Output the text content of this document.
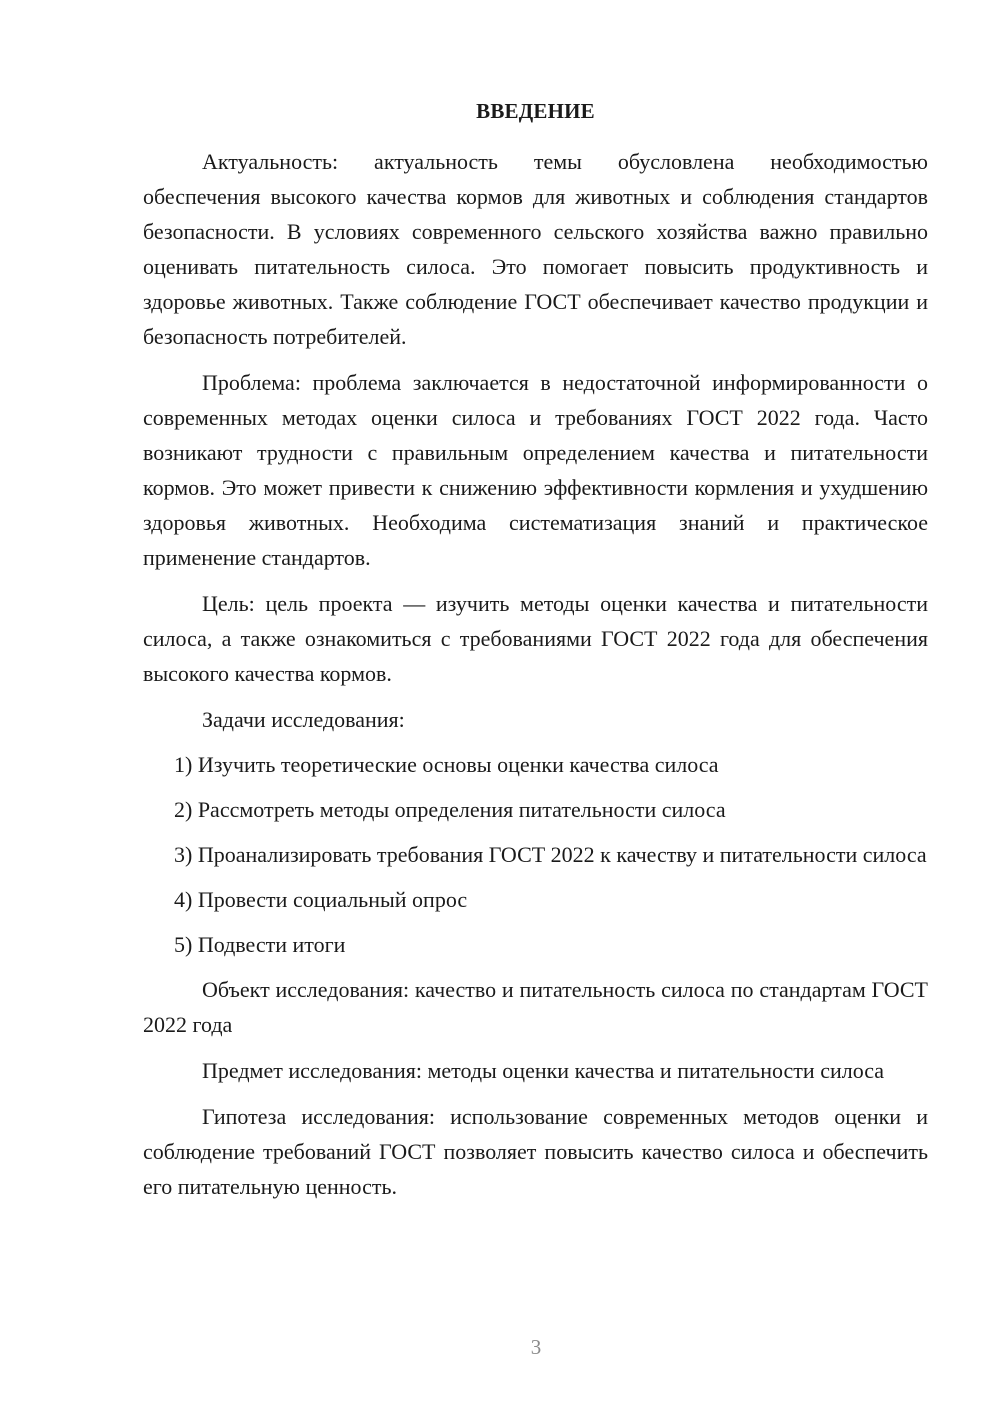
ВВЕДЕНИЕ

Актуальность: актуальность темы обусловлена необходимостью обеспечения высокого качества кормов для животных и соблюдения стандартов безопасности. В условиях современного сельского хозяйства важно правильно оценивать питательность силоса. Это помогает повысить продуктивность и здоровье животных. Также соблюдение ГОСТ обеспечивает качество продукции и безопасность потребителей.

Проблема: проблема заключается в недостаточной информированности о современных методах оценки силоса и требованиях ГОСТ 2022 года. Часто возникают трудности с правильным определением качества и питательности кормов. Это может привести к снижению эффективности кормления и ухудшению здоровья животных. Необходима систематизация знаний и практическое применение стандартов.

Цель: цель проекта — изучить методы оценки качества и питательности силоса, а также ознакомиться с требованиями ГОСТ 2022 года для обеспечения высокого качества кормов.

Задачи исследования:

1) Изучить теоретические основы оценки качества силоса

2) Рассмотреть методы определения питательности силоса

3) Проанализировать требования ГОСТ 2022 к качеству и питательности силоса

4) Провести социальный опрос

5) Подвести итоги

Объект исследования: качество и питательность силоса по стандартам ГОСТ 2022 года

Предмет исследования: методы оценки качества и питательности силоса

Гипотеза исследования: использование современных методов оценки и соблюдение требований ГОСТ позволяет повысить качество силоса и обеспечить его питательную ценность.

3
